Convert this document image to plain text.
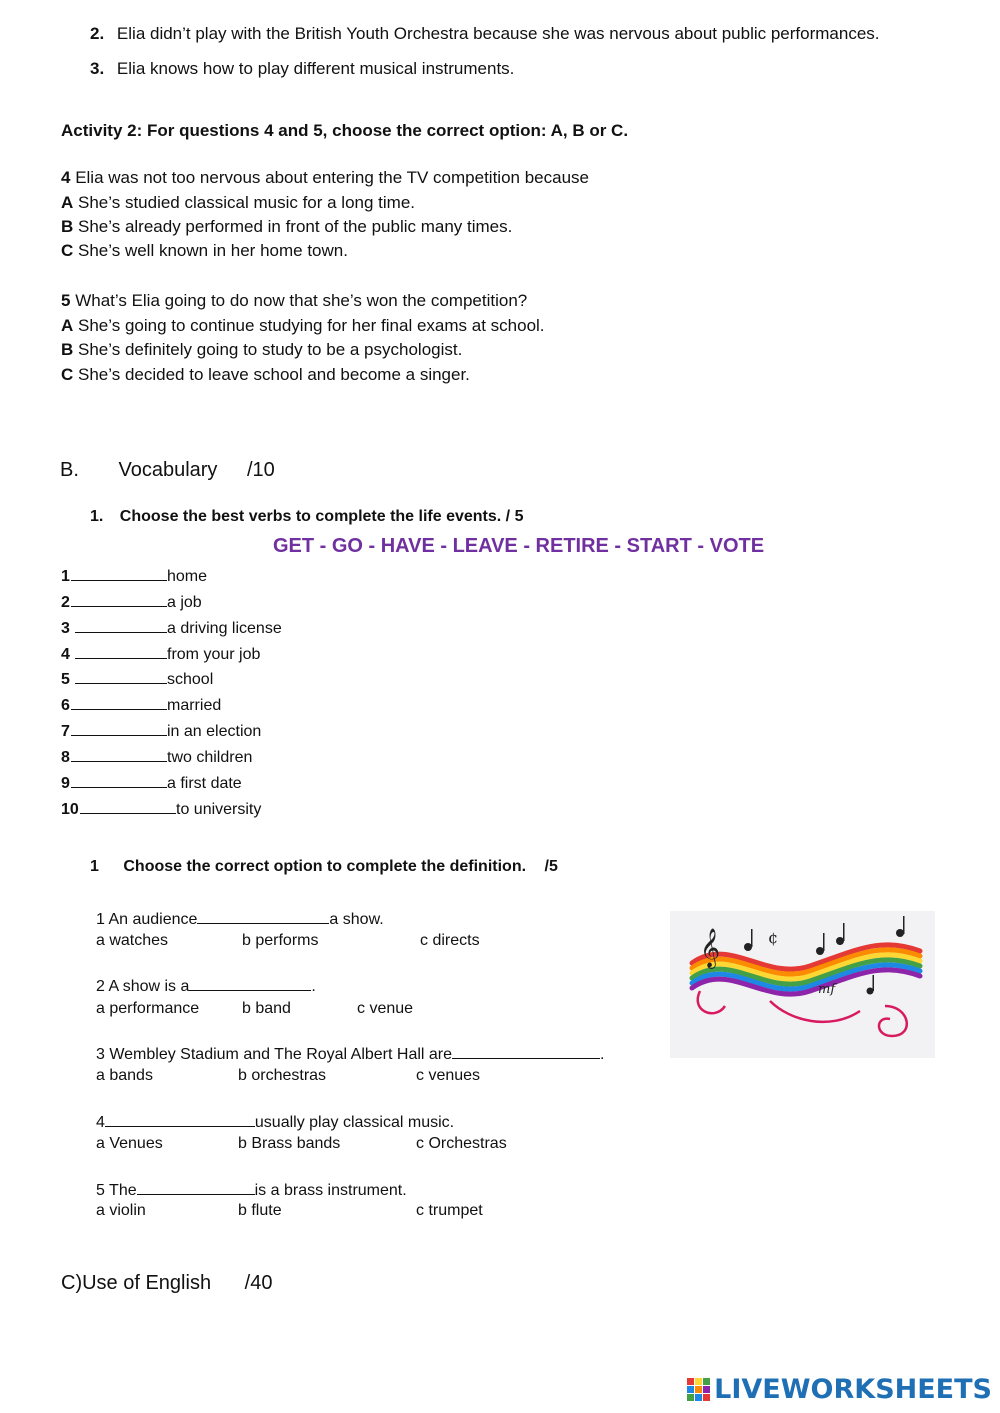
2. Elia didn’t play with the British Youth Orchestra because she was nervous about public performances.
3. Elia knows how to play different musical instruments.
Activity 2: For questions 4 and 5, choose the correct option: A, B or C.
4 Elia was not too nervous about entering the TV competition because
A She’s studied classical music for a long time.
B She’s already performed in front of the public many times.
C She’s well known in her home town.
5 What’s Elia going to do now that she’s won the competition?
A She’s going to continue studying for her final exams at school.
B She’s definitely going to study to be a psychologist.
C She’s decided to leave school and become a singer.
B. Vocabulary /10
1. Choose the best verbs to complete the life events. / 5
GET - GO - HAVE - LEAVE - RETIRE - START - VOTE
1	home
2	a job
3	a driving license
4	from your job
5	school
6	married
7	in an election
8	two children
9	a first date
10	to university
1 Choose the correct option to complete the definition. /5
1 An audience	a show.
a watches	b performs	c directs
2 A show is a	.
a performance	b band	c venue
3 Wembley Stadium and The Royal Albert Hall are	.
a bands	b orchestras	c venues
4	usually play classical music.
a Venues	b Brass bands	c Orchestras
5 The	is a brass instrument.
a violin	b flute	c trumpet
𝄞	¢
mf
C)Use of English /40
LIVEWORKSHEETS
